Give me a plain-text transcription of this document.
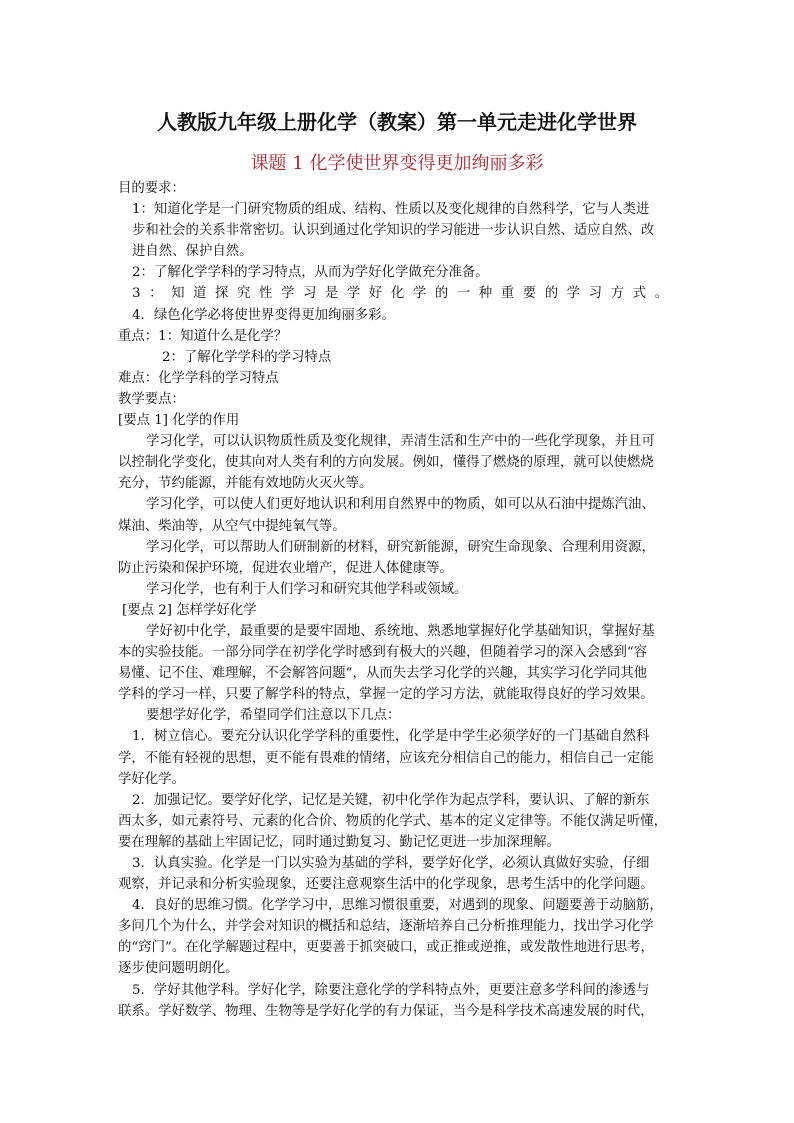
人教版九年级上册化学（教案）第一单元走进化学世界
课题 1 化学使世界变得更加绚丽多彩
目的要求：
1：知道化学是一门研究物质的组成、结构、性质以及变化规律的自然科学，它与人类进
步和社会的关系非常密切。认识到通过化学知识的学习能进一步认识自然、适应自然、改
进自然、保护自然。
2：了解化学学科的学习特点，从而为学好化学做充分准备。
3：知道探究性学习是学好化学的一种重要的学习方式。
4．绿色化学必将使世界变得更加绚丽多彩。
重点：1：知道什么是化学？
2：了解化学学科的学习特点
难点：化学学科的学习特点
教学要点：
[要点 1] 化学的作用
学习化学，可以认识物质性质及变化规律，弄清生活和生产中的一些化学现象，并且可
以控制化学变化，使其向对人类有利的方向发展。例如，懂得了燃烧的原理，就可以使燃烧
充分，节约能源，并能有效地防火灭火等。
学习化学，可以使人们更好地认识和利用自然界中的物质，如可以从石油中提炼汽油、
煤油、柴油等，从空气中提纯氧气等。
学习化学，可以帮助人们研制新的材料，研究新能源，研究生命现象、合理利用资源，
防止污染和保护环境，促进农业增产，促进人体健康等。
学习化学，也有利于人们学习和研究其他学科或领域。
[要点 2] 怎样学好化学
学好初中化学，最重要的是要牢固地、系统地、熟悉地掌握好化学基础知识，掌握好基
本的实验技能。一部分同学在初学化学时感到有极大的兴趣，但随着学习的深入会感到“容
易懂、记不住、难理解，不会解答问题”，从而失去学习化学的兴趣，其实学习化学同其他
学科的学习一样，只要了解学科的特点，掌握一定的学习方法，就能取得良好的学习效果。
要想学好化学，希望同学们注意以下几点：
1．树立信心。要充分认识化学学科的重要性，化学是中学生必须学好的一门基础自然科
学，不能有轻视的思想，更不能有畏难的情绪，应该充分相信自己的能力，相信自己一定能
学好化学。
2．加强记忆。要学好化学，记忆是关键，初中化学作为起点学科，要认识、了解的新东
西太多，如元素符号、元素的化合价、物质的化学式、基本的定义定律等。不能仅满足听懂，
要在理解的基础上牢固记忆，同时通过勤复习、勤记忆更进一步加深理解。
3．认真实验。化学是一门以实验为基础的学科，要学好化学，必须认真做好实验，仔细
观察，并记录和分析实验现象，还要注意观察生活中的化学现象，思考生活中的化学问题。
4．良好的思维习惯。化学学习中，思维习惯很重要，对遇到的现象、问题要善于动脑筋，
多问几个为什么，并学会对知识的概括和总结，逐渐培养自己分析推理能力，找出学习化学
的“窍门”。在化学解题过程中，更要善于抓突破口，或正推或逆推，或发散性地进行思考，
逐步使问题明朗化。
5．学好其他学科。学好化学，除要注意化学的学科特点外，更要注意多学科间的渗透与
联系。学好数学、物理、生物等是学好化学的有力保证，当今是科学技术高速发展的时代，
